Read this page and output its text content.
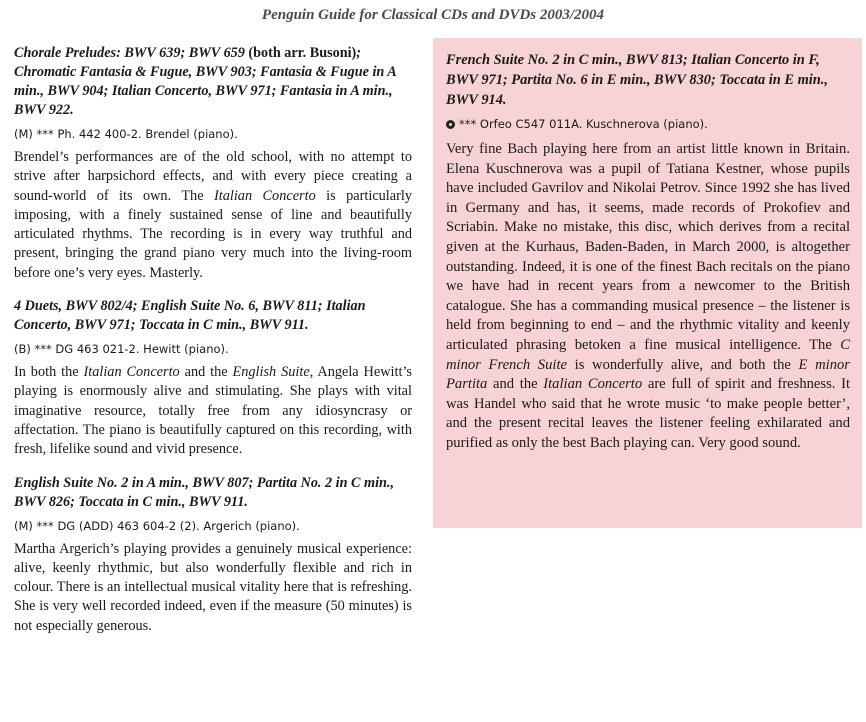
Penguin Guide for Classical CDs and DVDs 2003/2004

Chorale Preludes: BWV 639; BWV 659 (both arr. Busoni); Chromatic Fantasia & Fugue, BWV 903; Fantasia & Fugue in A min., BWV 904; Italian Concerto, BWV 971; Fantasia in A min., BWV 922.

(M) *** Ph. 442 400-2. Brendel (piano).

Brendel’s performances are of the old school, with no attempt to strive after harpsichord effects, and with every piece creating a sound-world of its own. The Italian Concerto is particularly imposing, with a finely sustained sense of line and beautifully articulated rhythms. The recording is in every way truthful and present, bringing the grand piano very much into the living-room before one’s very eyes. Masterly.

4 Duets, BWV 802/4; English Suite No. 6, BWV 811; Italian Concerto, BWV 971; Toccata in C min., BWV 911.

(B) *** DG 463 021-2. Hewitt (piano).

In both the Italian Concerto and the English Suite, Angela Hewitt’s playing is enormously alive and stimulating. She plays with vital imaginative resource, totally free from any idiosyncrasy or affectation. The piano is beautifully captured on this recording, with fresh, lifelike sound and vivid presence.

English Suite No. 2 in A min., BWV 807; Partita No. 2 in C min., BWV 826; Toccata in C min., BWV 911.

(M) *** DG (ADD) 463 604-2 (2). Argerich (piano).

Martha Argerich’s playing provides a genuinely musical experience: alive, keenly rhythmic, but also wonderfully flexible and rich in colour. There is an intellectual musical vitality here that is refreshing. She is very well recorded indeed, even if the measure (50 minutes) is not especially generous.

French Suite No. 2 in C min., BWV 813; Italian Concerto in F, BWV 971; Partita No. 6 in E min., BWV 830; Toccata in E min., BWV 914.

*** Orfeo C547 011A. Kuschnerova (piano).

Very fine Bach playing here from an artist little known in Britain. Elena Kuschnerova was a pupil of Tatiana Kestner, whose pupils have included Gavrilov and Nikolai Petrov. Since 1992 she has lived in Germany and has, it seems, made records of Prokofiev and Scriabin. Make no mistake, this disc, which derives from a recital given at the Kurhaus, Baden-Baden, in March 2000, is altogether outstanding. Indeed, it is one of the finest Bach recitals on the piano we have had in recent years from a newcomer to the British catalogue. She has a commanding musical presence – the listener is held from beginning to end – and the rhythmic vitality and keenly articulated phrasing betoken a fine musical intelligence. The C minor French Suite is wonderfully alive, and both the E minor Partita and the Italian Concerto are full of spirit and freshness. It was Handel who said that he wrote music ‘to make people better’, and the present recital leaves the listener feeling exhilarated and purified as only the best Bach playing can. Very good sound.
